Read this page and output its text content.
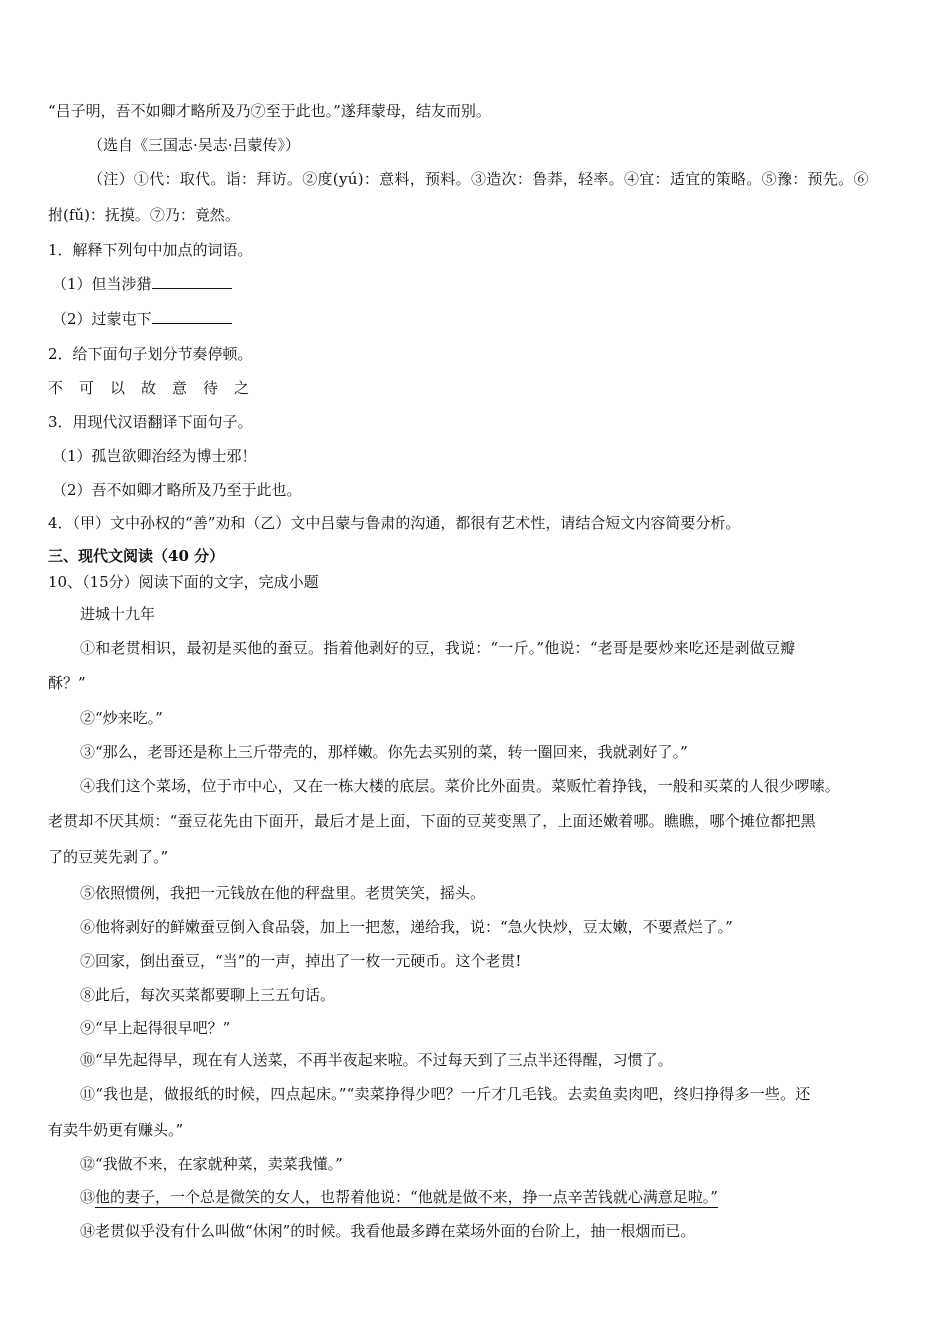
“吕子明，吾不如卿才略所及乃⑦至于此也。”遂拜蒙母，结友而别。
（选自《三国志·吴志·吕蒙传》）
（注）①代：取代。诣：拜访。②度(yú)：意料，预料。③造次：鲁莽，轻率。④宜：适宜的策略。⑤豫：预先。⑥
拊(fǔ)：抚摸。⑦乃：竟然。
1．解释下列句中加点的词语。
（1）但当涉猎
（2）过蒙屯下
2．给下面句子划分节奏停顿。
不可以故意待之
3．用现代汉语翻译下面句子。
（1）孤岂欲卿治经为博士邪！
（2）吾不如卿才略所及乃至于此也。
4．（甲）文中孙权的“善”劝和（乙）文中吕蒙与鲁肃的沟通，都很有艺术性，请结合短文内容简要分析。
三、现代文阅读（40 分）
10、（15分）阅读下面的文字，完成小题
进城十九年
①和老贯相识，最初是买他的蚕豆。指着他剥好的豆，我说：“一斤。”他说：“老哥是要炒来吃还是剥做豆瓣
酥？”
②“炒来吃。”
③“那么，老哥还是称上三斤带壳的，那样嫩。你先去买别的菜，转一圈回来，我就剥好了。”
④我们这个菜场，位于市中心，又在一栋大楼的底层。菜价比外面贵。菜贩忙着挣钱，一般和买菜的人很少啰嗦。
老贯却不厌其烦：“蚕豆花先由下面开，最后才是上面，下面的豆荚变黑了，上面还嫩着哪。瞧瞧，哪个摊位都把黑
了的豆荚先剥了。”
⑤依照惯例，我把一元钱放在他的秤盘里。老贯笑笑，摇头。
⑥他将剥好的鲜嫩蚕豆倒入食品袋，加上一把葱，递给我，说：“急火快炒，豆太嫩，不要煮烂了。”
⑦回家，倒出蚕豆，“当”的一声，掉出了一枚一元硬币。这个老贯!
⑧此后，每次买菜都要聊上三五句话。
⑨“早上起得很早吧？”
⑩“早先起得早，现在有人送菜，不再半夜起来啦。不过每天到了三点半还得醒，习惯了。
⑪“我也是，做报纸的时候，四点起床。”“卖菜挣得少吧？一斤才几毛钱。去卖鱼卖肉吧，终归挣得多一些。还
有卖牛奶更有赚头。”
⑫“我做不来，在家就种菜，卖菜我懂。”
⑬他的妻子，一个总是微笑的女人，也帮着他说：“他就是做不来，挣一点辛苦钱就心满意足啦。”
⑭老贯似乎没有什么叫做“休闲”的时候。我看他最多蹲在菜场外面的台阶上，抽一根烟而已。
